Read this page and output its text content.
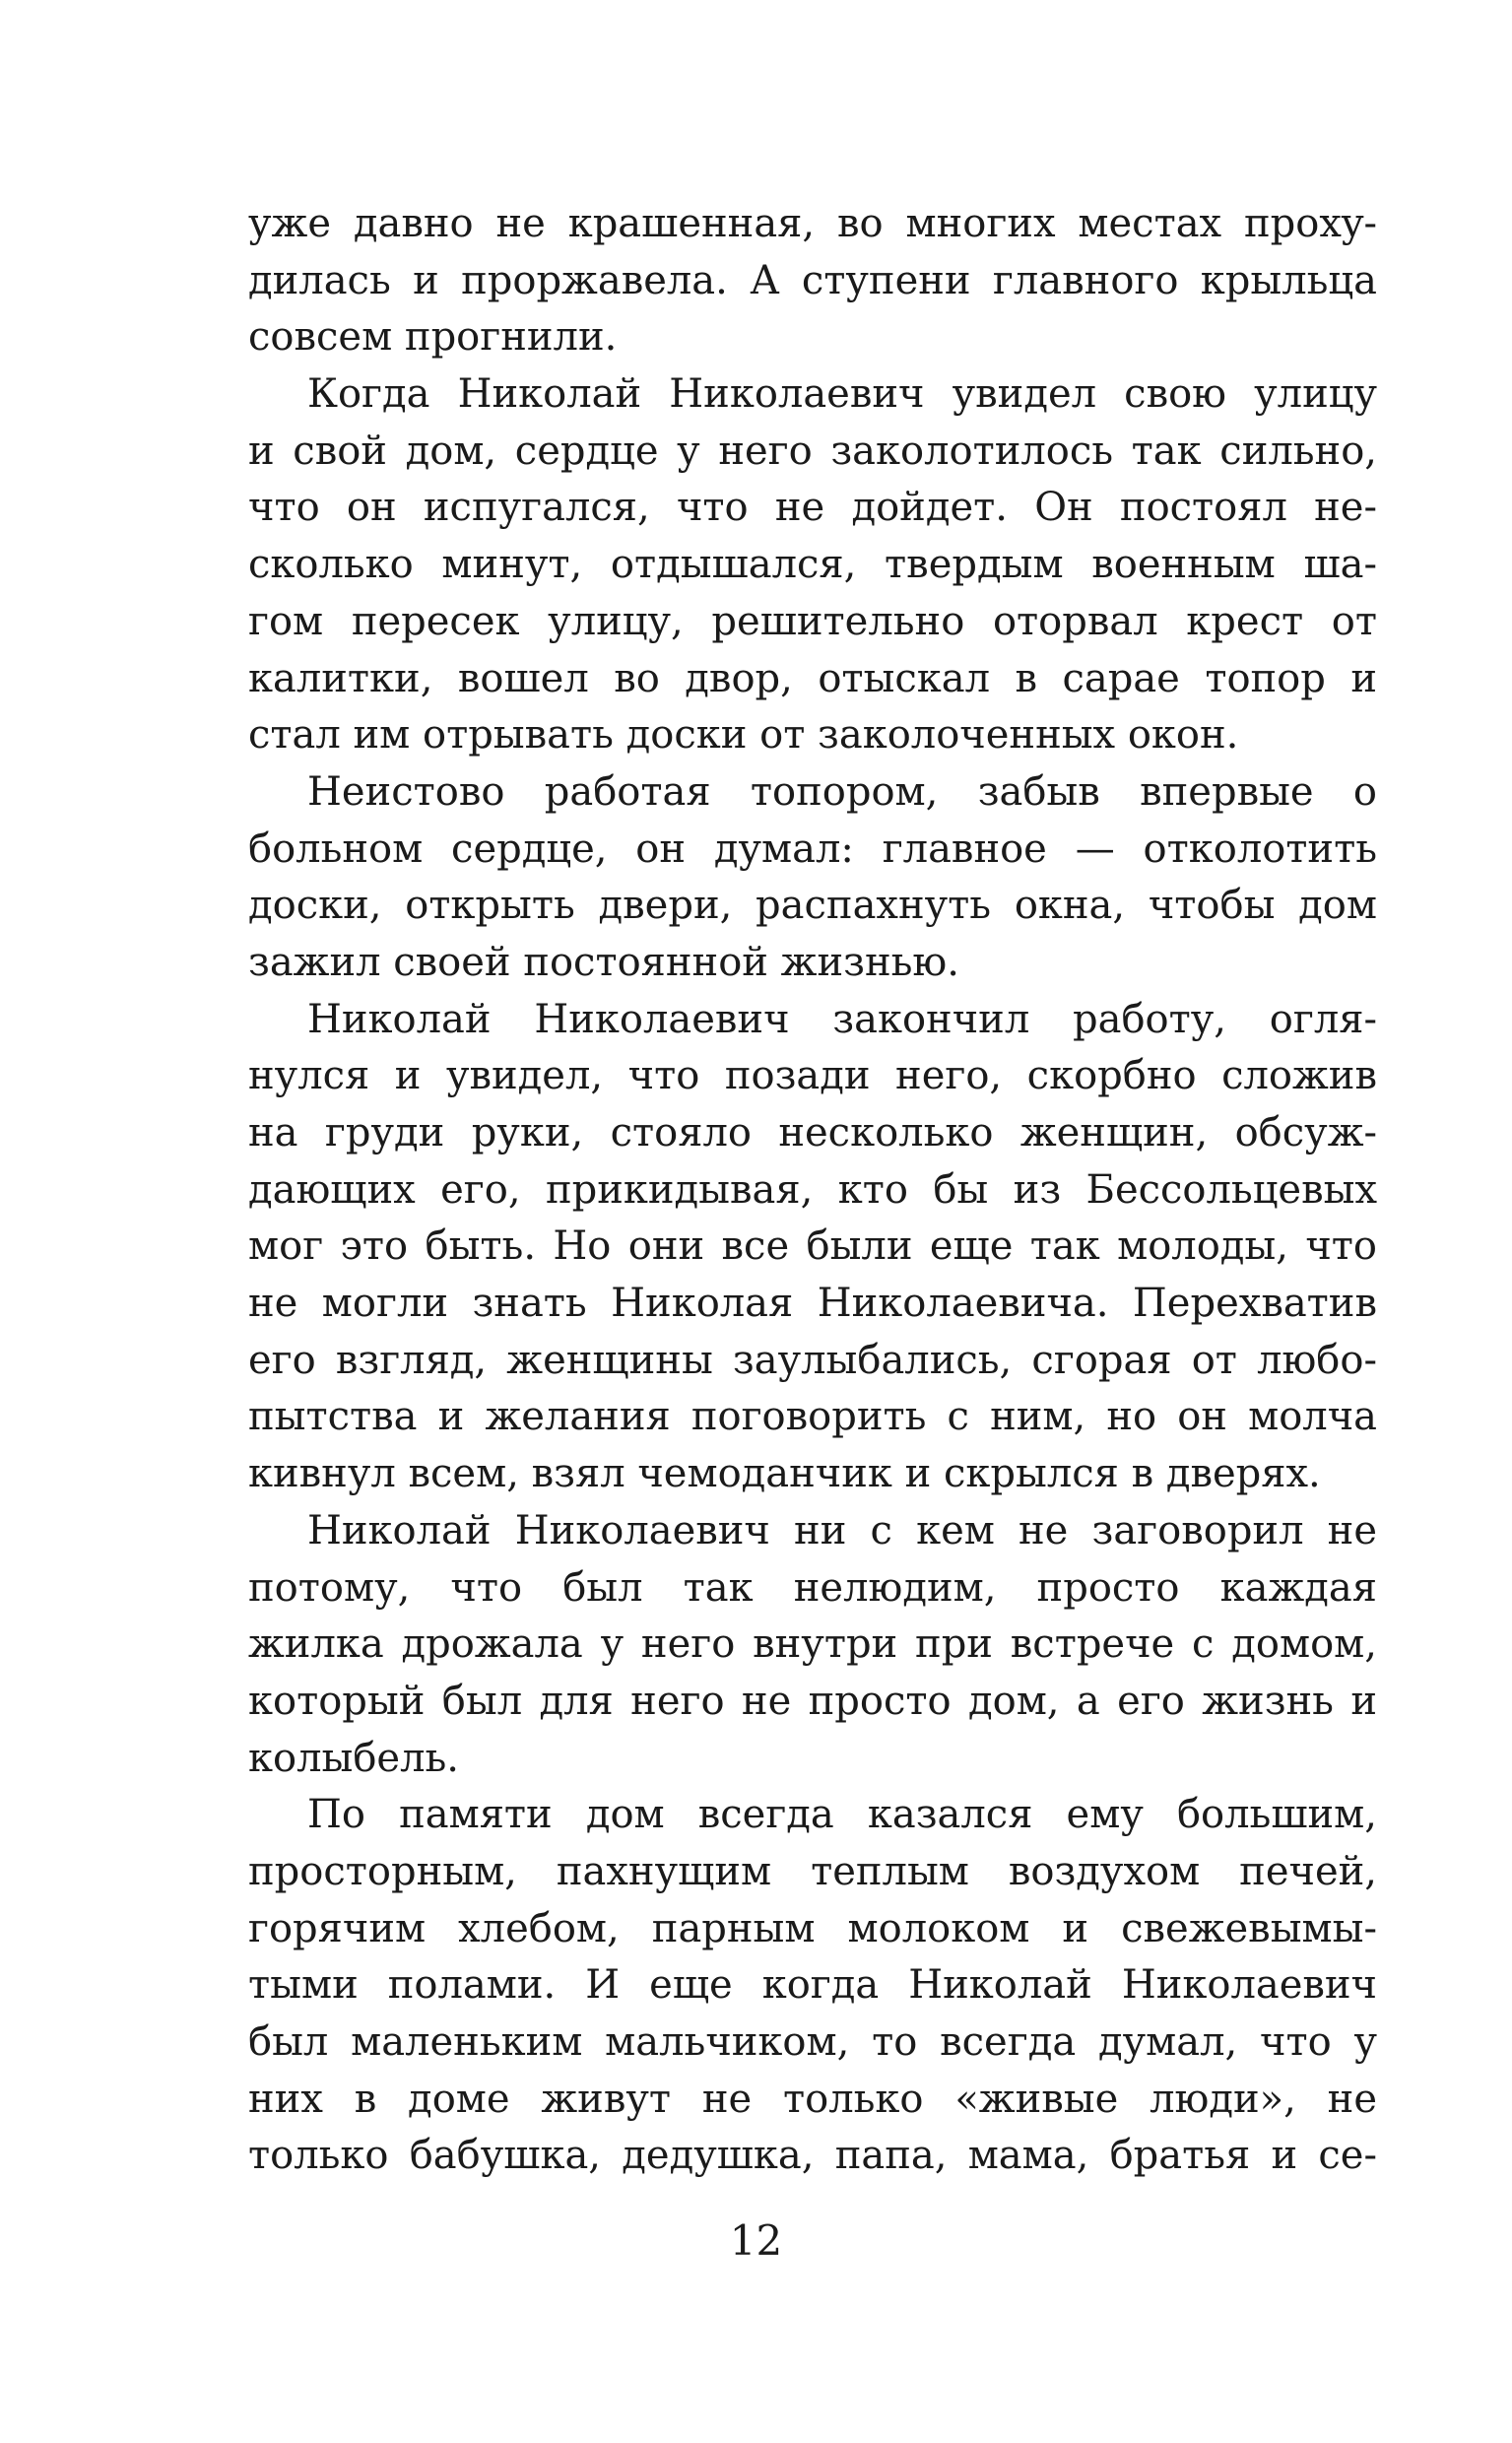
уже давно не крашенная, во многих местах прохy-
дилась и проржавела. А ступени главного крыльца
совсем прогнили.
Когда Николай Николаевич увидел свою улицу
и свой дом, сердце у него заколотилось так сильно,
что он испугался, что не дойдет. Он постоял не-
сколько минут, отдышался, твердым военным ша-
гом пересек улицу, решительно оторвал крест от
калитки, вошел во двор, отыскал в сарае топор и
стал им отрывать доски от заколоченных окон.
Неистово работая топором, забыв впервые о
больном сердце, он думал: главное — отколотить
доски, открыть двери, распахнуть окна, чтобы дом
зажил своей постоянной жизнью.
Николай Николаевич закончил работу, огля-
нулся и увидел, что позади него, скорбно сложив
на груди руки, стояло несколько женщин, обсуж-
дающих его, прикидывая, кто бы из Бессольцевых
мог это быть. Но они все были еще так молоды, что
не могли знать Николая Николаевича. Перехватив
его взгляд, женщины заулыбались, сгорая от любо-
пытства и желания поговорить с ним, но он молча
кивнул всем, взял чемоданчик и скрылся в дверях.
Николай Николаевич ни с кем не заговорил не
потому, что был так нелюдим, просто каждая
жилка дрожала у него внутри при встрече с домом,
который был для него не просто дом, а его жизнь и
колыбель.
По памяти дом всегда казался ему большим,
просторным, пахнущим теплым воздухом печей,
горячим хлебом, парным молоком и свежевымы-
тыми полами. И еще когда Николай Николаевич
был маленьким мальчиком, то всегда думал, что у
них в доме живут не только «живые люди», не
только бабушка, дедушка, папа, мама, братья и се-
12
